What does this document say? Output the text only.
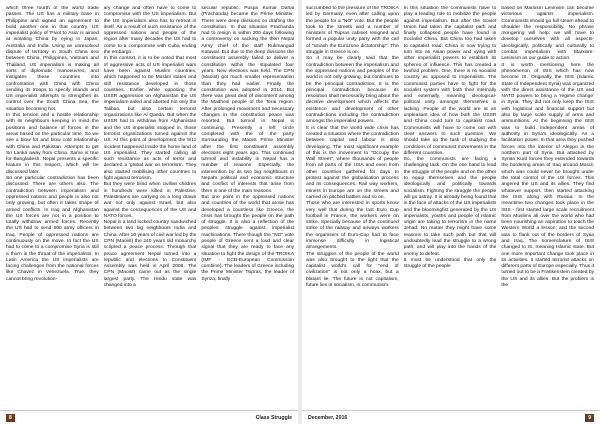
which three fourth of the world trade passes. The US has a military base in Philippine and signed an agreement to build another one in that country. US imperialist policy of 'Pivot to Asia' is aimed at isolating China by eying in Japan, Australia and India. Using an unresolved dispute of territory in South China sea between China, Philippines, Vietnam and Thailand, US imperialism is making all sorts of diplomatic manoeuvres, and instigates these countries into confrontation with China with China sending its troops to specify islands and US imperialist attempts to strengthen its control over the South China Sea, the situation becoming hot.
In this tension and a hostile relationship with its neighbours keeping in mind the positions and balance of forces in the areas based on the particular time. So we see a blow for and blow cold relationship with China and Pakistan. Attempts to get Sri Lanka away from China. Same is true for Bangladesh. Nepal presents a specific feature in this respect, which will be discussed later.
So one particular contradiction has been discussed. There are others also. The contradiction between imperialism and oppressed nations and people is also not only growing, but often it takes shape of armed conflicts. In Iraq and Afghanistan the US forces are not in a position to totally withdraw armed forces. Recently the US had to send 500 army officers in Iraq. People of oppressed nations are continuously on the move. In fact the US had to come to a compromise Syria is still a thorn in the throat of the imperialists. In Latin America the US imperialists are facing challenges from the national forces like Chavez in Venezuela. True, they cannot bring revolution-
ary change and often have to come to compromise with the US imperialism. But the US imperialism also has to retreat in itself. As a result of such resistance of the oppressed nations and people of the region after many decades the US had to come to a compromise with Cuba ending the embargo.
In this context, it is to be noted that most of aggressive acts of US imperialist wars have been against Muslim countries, which happened to be Muslim states and still resistance developed in those countries. Earlier while opposing the USSR aggression on Afghanistan the US imperialism aided and abetted not only the Taliban, but also certain terrorist organizations like Al Qaeda. But when the USSR had to withdraw from Afghanistan and the US imperialist stopped in, those terrorist organizations turned against the US. At this point of development the 9/11 incident happened inside the home land of US imperialist. They started calling all such resistance as acts of terror and declared a 'global war on terrorism'. They also started mobilising other countries to fight against terrorism.
But they were blind when civilian children in hundreds were killed in Palestine. Palestinians are carrying on a long drawn war not only against Israel, but also against the consequences of the US and NATO forces.
Nepal is a land locked country sandwiched between two big neighbours India and China. After 10 years of civil war led by the CPN (Maoist) the 240 years old monarchy scripted a peace process. Through that peace agreement Nepal turned into a republic and elections to Constituent Assembly was held in April 2008. The CPN (Maoist) came out as the single largest party. The Hindu state was changed into a
secular republic. Puspa Kumar Dahal (Prachanda) became the Prime Minister. There were deep divisions on drafting the constitution. In that situation Prachanda had to resign in within 200 days following a controversy on sacking the then Nepal Army chief of the staff Rukmangud Katuwal. But due to the deep divisions the constituent assembly failed to deliver a constitution within the stipulated four years. New elections was held. The CPN (Maoist) got much smaller representation than they had earlier. Finally the constitution was adopted in 2014. But there was great deal of discontent among the Madhesi people of the Terai region. After prolonged movement and necessary changes in the constitution peace was resorted. But turmoil in Nepal is continuing. Presently a left circle completed with the of the party Surrounding the Maoist Prime Minister after the first constituent assembly elections eight years ago. This continued turmoil and instability in Nepal has a number of reasons. Especially, the intervention by its two big neighbours in Nepal's political and economic structure and conflict of interests that arise from them is one of the main reasons.
But one point in the oppressed nations and countries of the world that arose has developed a countless like Greece, the crisis has brought the people on the path of struggle. It is also a reflection of the peoples struggle against imperialist machinations. There though the "NO" vote people of Greece sent a loud and clear signal that they are ready to face any situation to fight the design of the TROIKA (IMF - ECB-European Commission combine). The leaders of Greece including the Prime Minister Tsipras, the leader of Syriza, finally
8	Class Struggle
succumbed to the pressure of the TROIKA led by Germany, even after calling upon the people for a "NO" vote. But the people took to the streets and a number of ministers of Tsipras cabinet resigned and formed a popular unity party with the call of "smash the Eurozone dictatorship". The struggle in Greece is on.
So it may be clearly said that the contradiction between the imperialism and the oppressed nations and peoples of the world is not only growing, but continues to be the principal contradiction. It is the principal contradiction because its resolution shall necessarily bring about the decisive development which affects the existence and development of other contradictions including the contradiction amongst the imperialist powers.
It is clear that the world wide crisis has created a situation where the contradiction between capital and labour is also developing. The most significant example of this is the movement to "Occupy the Wall Street", where thousands of people from all parts of the USA and even from other countries gathered for days to protest against the globalisation process and its consequences. Rail way workers, miners in Europe are on the streets and carried on pitched battles and so on.
Those who are interested in sports know very well that during the last Euro Cup football in France, the workers were on strike. Specially because of the continued strike of the railway and airways workers the organisers of Euro-Cup had to face immense difficulty in logistical arrangements.
The struggles of the people of the world was also brought to the light that the capitalist world's call for "end of civilization" is not only a hoax, but a blatant lie. The future is not capitalism, future lies in socialism, in communism.
In this situation the communists have to play a leading role to mobilize the people against imperialism. But after the Soviet Union had taken the capitalist path and finally collapsed people have found in Socialist China. But China too had taken to capitalist road. China is now trying to turn into an Asian power and vying with other imperialist powers to establish its spheres of influence. This has created a twofold problem. One, there is no socialist country as opposed to imperialists. The communist parties have to fight for the socialist system with both their internally and externally, meaning ideological-political unity amongst themselves is lacking. People of the world are at an unpleasant idea of how both the USSR and China could turn to capitalist road. Communists will have to come out with clear answers to such question. We should take up the task of studying the conditions of communist movements in the different countries.
So, the communists are facing a challenging task. On the one hand to lead the struggle of the people and on the other to equip themselves and the people ideologically and politically towards socialism. Fighting the struggle the people will go astray. It is already being found that in the face of attacks of the US imperialists and the bloomingfist generated by the US imperialists, youths and people of Islamic origin are taking to terrorism in the name Jehad. No matter they might have some reasons to take such path but that will undoubtedly lead the struggle to a wrong path, and will play into the hands of the enemy to defeat.
It must be understood that only the struggle of the people
based on Marxism Leninism can become victorious against imperialism. Communists should go full steam ahead to shoulder the responsibility. No phrase mongering will help; we will have to develop ourselves with all aspects-ideologically, politically and culturally to combat imperialism with Marxism-Leninism as our guide to action.
It is worth mentioning here the phenomenon of ISIS which has now become IS. Originally the ISIS (Islamic State of Independent Syria) was organized with the direct assistance of the US and NATO powers to bring a 'regime change' in Syria. They did not only keep the ISIS with logistical and financial support but also by large scale supply of arms and ammunitions. At the beginning the ISIS was to build independent areas of authority in Syria's ideologically. As a facilitation power. In that area they pushed forces into the interior of Aleppo in the northern part of Syria. But attacked by Syrian Kurd forces they extended towards the bordering areas of Iraq around Mosul, which was could never be brought under the total control of the US forces. This angered the US and its allies. They find whatever support, then started attacking the ISIS along with Russia. In the meantime two changes took place in the ISIS - first started large scale recruitment from Muslims all over the world who had been nourishing an aspiration to teach the Western World a lesson; and the second was to flank out of the borders of Syria and Iraq. The nomenclature of ISIS changed to IS, meaning Islamic state. But one more important change took place in its activities. It started terrorist attacks on different parts of Europe especially. Thus it turned out to be a Frankenstein created by the US and its allies. But the problem is the
December, 2016	9
